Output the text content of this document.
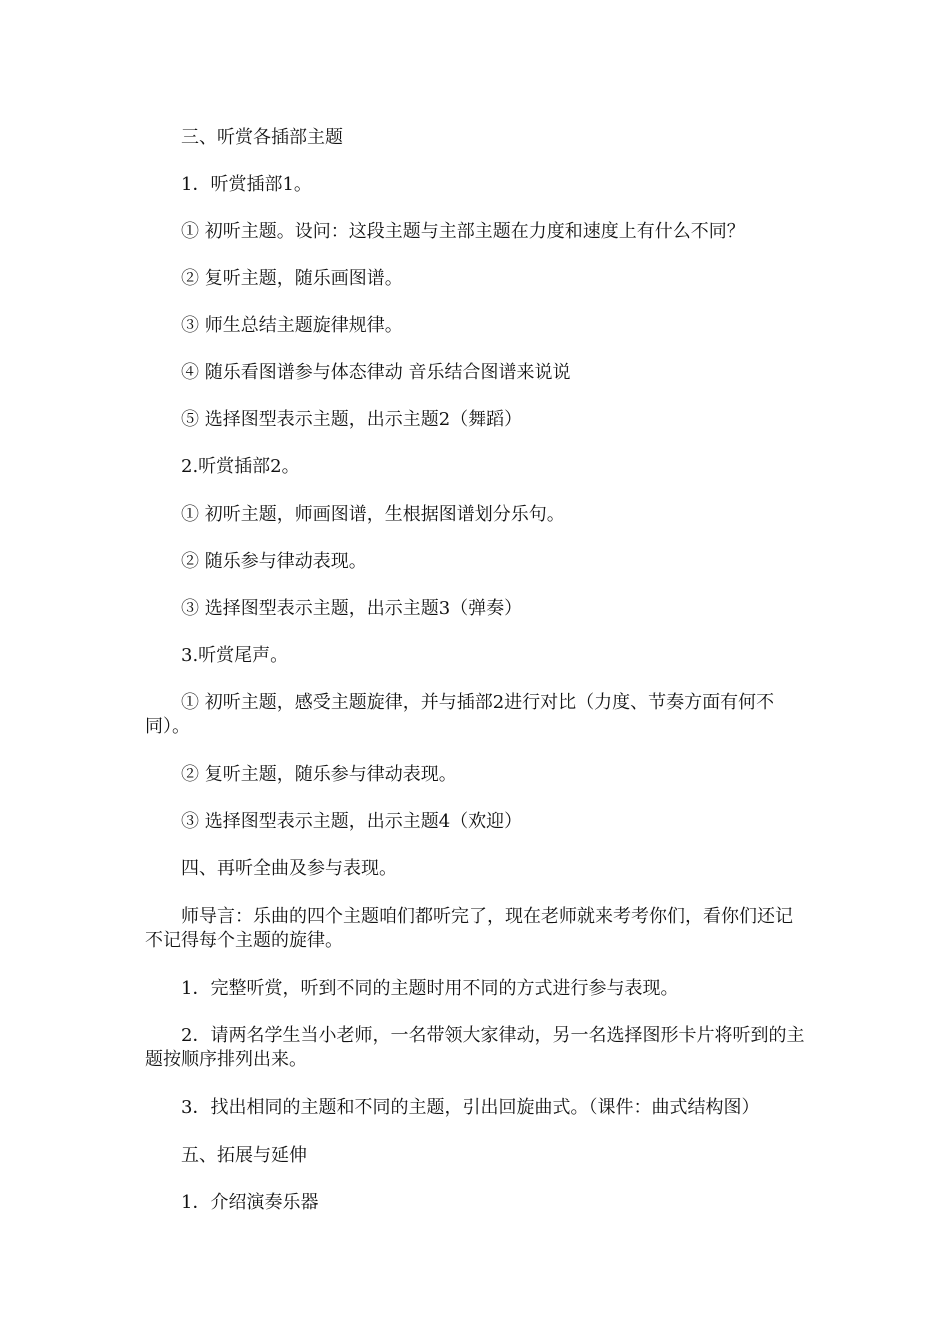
三、听赏各插部主题

1．听赏插部1。

① 初听主题。设问：这段主题与主部主题在力度和速度上有什么不同？

② 复听主题，随乐画图谱。

③ 师生总结主题旋律规律。

④ 随乐看图谱参与体态律动 音乐结合图谱来说说

⑤ 选择图型表示主题，出示主题2（舞蹈）

2.听赏插部2。

① 初听主题，师画图谱，生根据图谱划分乐句。

② 随乐参与律动表现。

③ 选择图型表示主题，出示主题3（弹奏）

3.听赏尾声。

① 初听主题，感受主题旋律，并与插部2进行对比（力度、节奏方面有何不同）。

② 复听主题，随乐参与律动表现。

③ 选择图型表示主题，出示主题4（欢迎）

四、再听全曲及参与表现。

师导言：乐曲的四个主题咱们都听完了，现在老师就来考考你们，看你们还记不记得每个主题的旋律。

1．完整听赏，听到不同的主题时用不同的方式进行参与表现。

2．请两名学生当小老师，一名带领大家律动，另一名选择图形卡片将听到的主题按顺序排列出来。

3．找出相同的主题和不同的主题，引出回旋曲式。（课件：曲式结构图）

五、拓展与延伸

1．介绍演奏乐器
